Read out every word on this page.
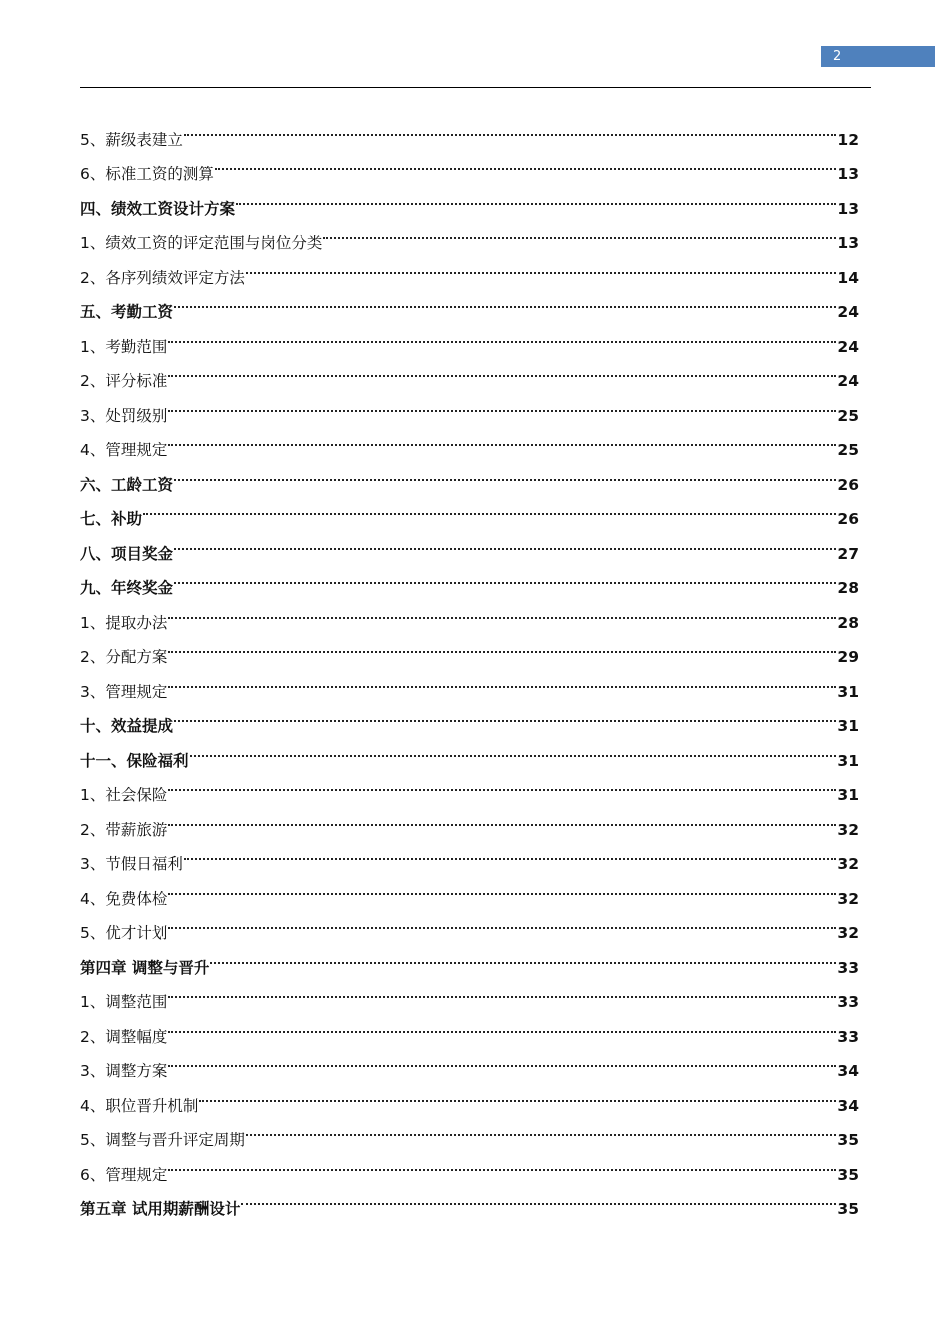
2
5、薪级表建立	12
6、标准工资的测算	13
四、绩效工资设计方案	13
1、绩效工资的评定范围与岗位分类	13
2、各序列绩效评定方法	14
五、考勤工资	24
1、考勤范围	24
2、评分标准	24
3、处罚级别	25
4、管理规定	25
六、工龄工资	26
七、补助	26
八、项目奖金	27
九、年终奖金	28
1、提取办法	28
2、分配方案	29
3、管理规定	31
十、效益提成	31
十一、保险福利	31
1、社会保险	31
2、带薪旅游	32
3、节假日福利	32
4、免费体检	32
5、优才计划	32
第四章 调整与晋升	33
1、调整范围	33
2、调整幅度	33
3、调整方案	34
4、职位晋升机制	34
5、调整与晋升评定周期	35
6、管理规定	35
第五章 试用期薪酬设计	35
